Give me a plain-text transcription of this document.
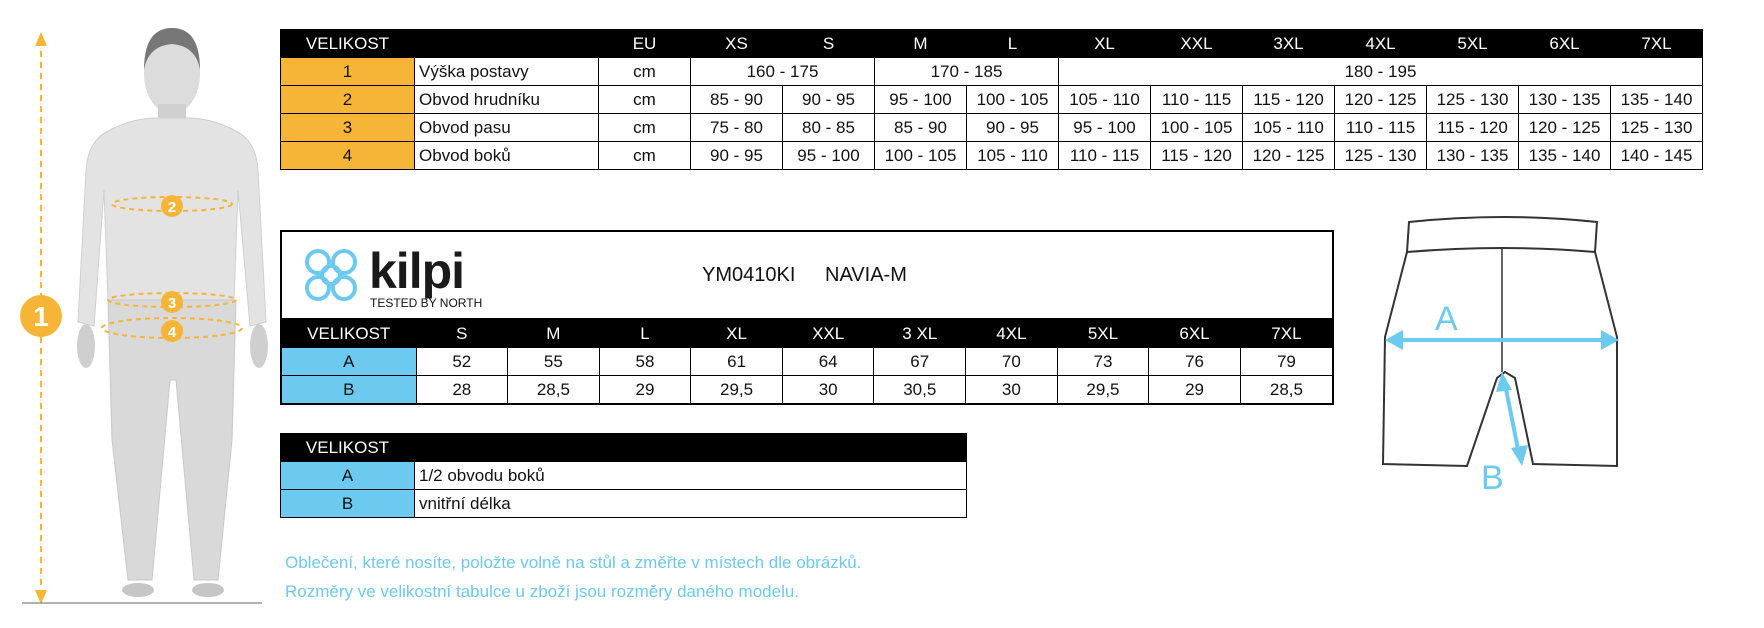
1
2
3
4
VELIKOST		EU	XS	S	M	L	XL	XXL	3XL	4XL	5XL	6XL	7XL
1	Výška postavy	cm	160 - 175		170 - 185		180 - 195						
2	Obvod hrudníku	cm	85 - 90	90 - 95	95 - 100	100 - 105	105 - 110	110 - 115	115 - 120	120 - 125	125 - 130	130 - 135	135 - 140
3	Obvod pasu	cm	75 - 80	80 - 85	85 - 90	90 - 95	95 - 100	100 - 105	105 - 110	110 - 115	115 - 120	120 - 125	125 - 130
4	Obvod boků	cm	90 - 95	95 - 100	100 - 105	105 - 110	110 - 115	115 - 120	120 - 125	125 - 130	130 - 135	135 - 140	140 - 145
kilpi
TESTED BY NORTH
YM0410KI NAVIA-M
VELIKOST	S	M	L	XL	XXL	3 XL	4XL	5XL	6XL	7XL
A	52	55	58	61	64	67	70	73	76	79
B	28	28,5	29	29,5	30	30,5	30	29,5	29	28,5
VELIKOST	
A	1/2 obvodu boků
B	vnitřní délka
A
B
Oblečení, které nosíte, položte volně na stůl a změřte v místech dle obrázků.
Rozměry ve velikostní tabulce u zboží jsou rozměry daného modelu.
